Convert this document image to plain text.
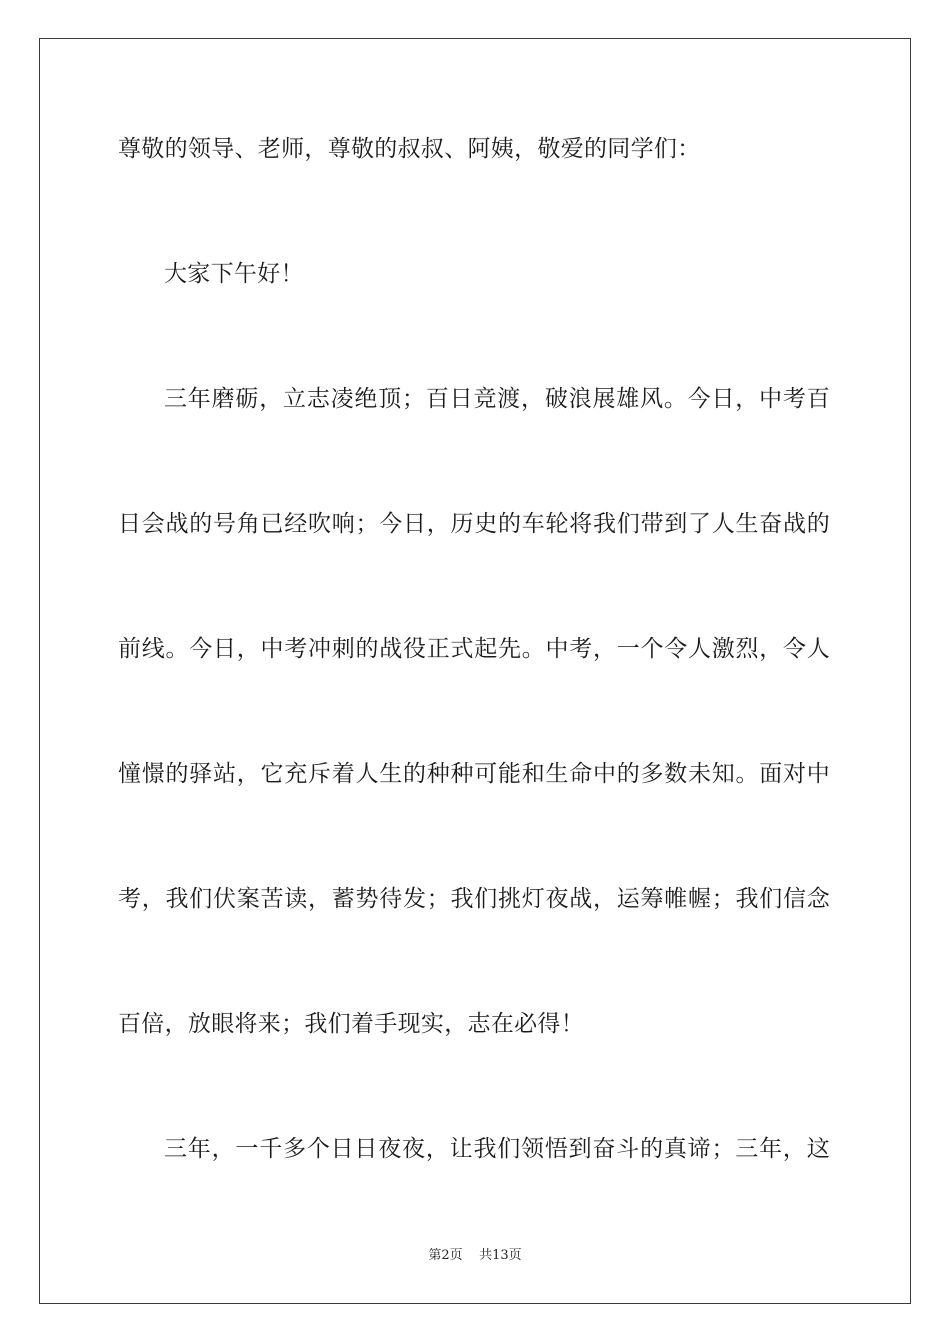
尊敬的领导、老师，尊敬的叔叔、阿姨，敬爱的同学们：
大家下午好！
三年磨砺，立志凌绝顶；百日竞渡，破浪展雄风。今日，中考百
日会战的号角已经吹响；今日，历史的车轮将我们带到了人生奋战的
前线。今日，中考冲刺的战役正式起先。中考，一个令人激烈，令人
憧憬的驿站，它充斥着人生的种种可能和生命中的多数未知。面对中
考，我们伏案苦读，蓄势待发；我们挑灯夜战，运筹帷幄；我们信念
百倍，放眼将来；我们着手现实，志在必得！
三年，一千多个日日夜夜，让我们领悟到奋斗的真谛；三年，这
第2页 共13页
